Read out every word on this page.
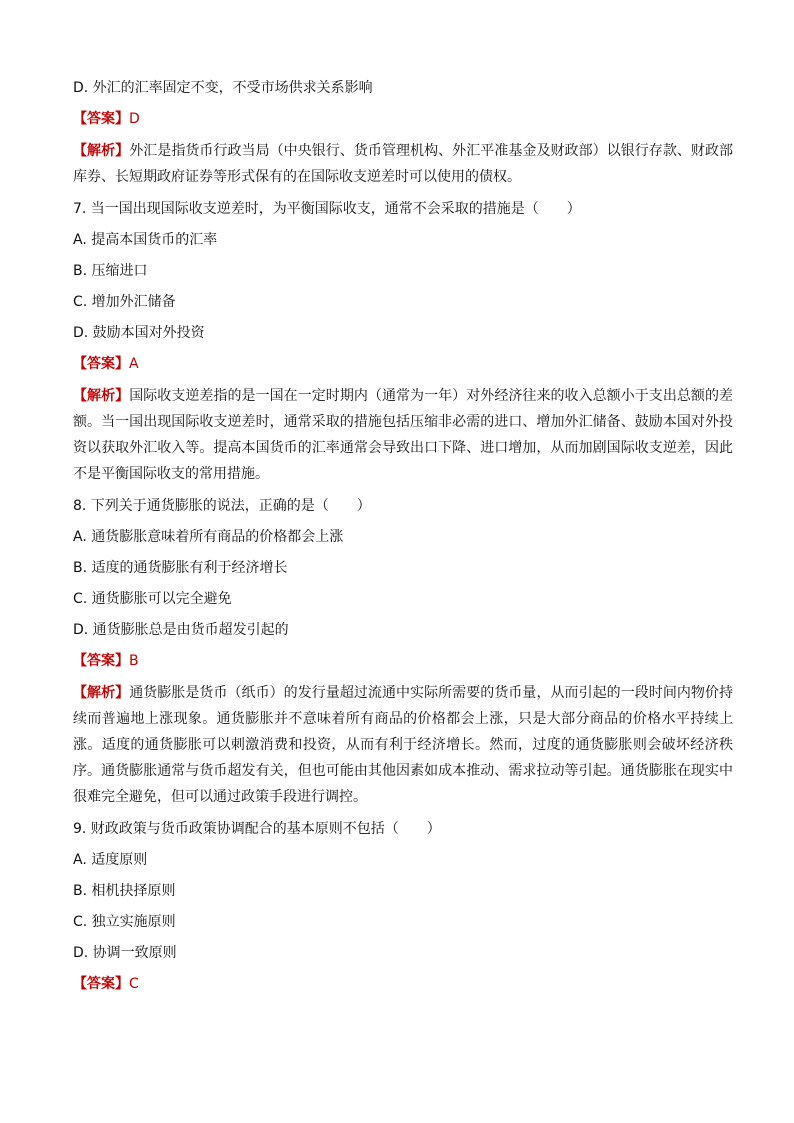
D. 外汇的汇率固定不变，不受市场供求关系影响
【答案】D
【解析】外汇是指货币行政当局（中央银行、货币管理机构、外汇平准基金及财政部）以银行存款、财政部库券、长短期政府证券等形式保有的在国际收支逆差时可以使用的债权。
7. 当一国出现国际收支逆差时，为平衡国际收支，通常不会采取的措施是（　　）
A. 提高本国货币的汇率
B. 压缩进口
C. 增加外汇储备
D. 鼓励本国对外投资
【答案】A
【解析】国际收支逆差指的是一国在一定时期内（通常为一年）对外经济往来的收入总额小于支出总额的差额。当一国出现国际收支逆差时，通常采取的措施包括压缩非必需的进口、增加外汇储备、鼓励本国对外投资以获取外汇收入等。提高本国货币的汇率通常会导致出口下降、进口增加，从而加剧国际收支逆差，因此不是平衡国际收支的常用措施。
8. 下列关于通货膨胀的说法，正确的是（　　）
A. 通货膨胀意味着所有商品的价格都会上涨
B. 适度的通货膨胀有利于经济增长
C. 通货膨胀可以完全避免
D. 通货膨胀总是由货币超发引起的
【答案】B
【解析】通货膨胀是货币（纸币）的发行量超过流通中实际所需要的货币量，从而引起的一段时间内物价持续而普遍地上涨现象。通货膨胀并不意味着所有商品的价格都会上涨，只是大部分商品的价格水平持续上涨。适度的通货膨胀可以刺激消费和投资，从而有利于经济增长。然而，过度的通货膨胀则会破坏经济秩序。通货膨胀通常与货币超发有关，但也可能由其他因素如成本推动、需求拉动等引起。通货膨胀在现实中很难完全避免，但可以通过政策手段进行调控。
9. 财政政策与货币政策协调配合的基本原则不包括（　　）
A. 适度原则
B. 相机抉择原则
C. 独立实施原则
D. 协调一致原则
【答案】C
